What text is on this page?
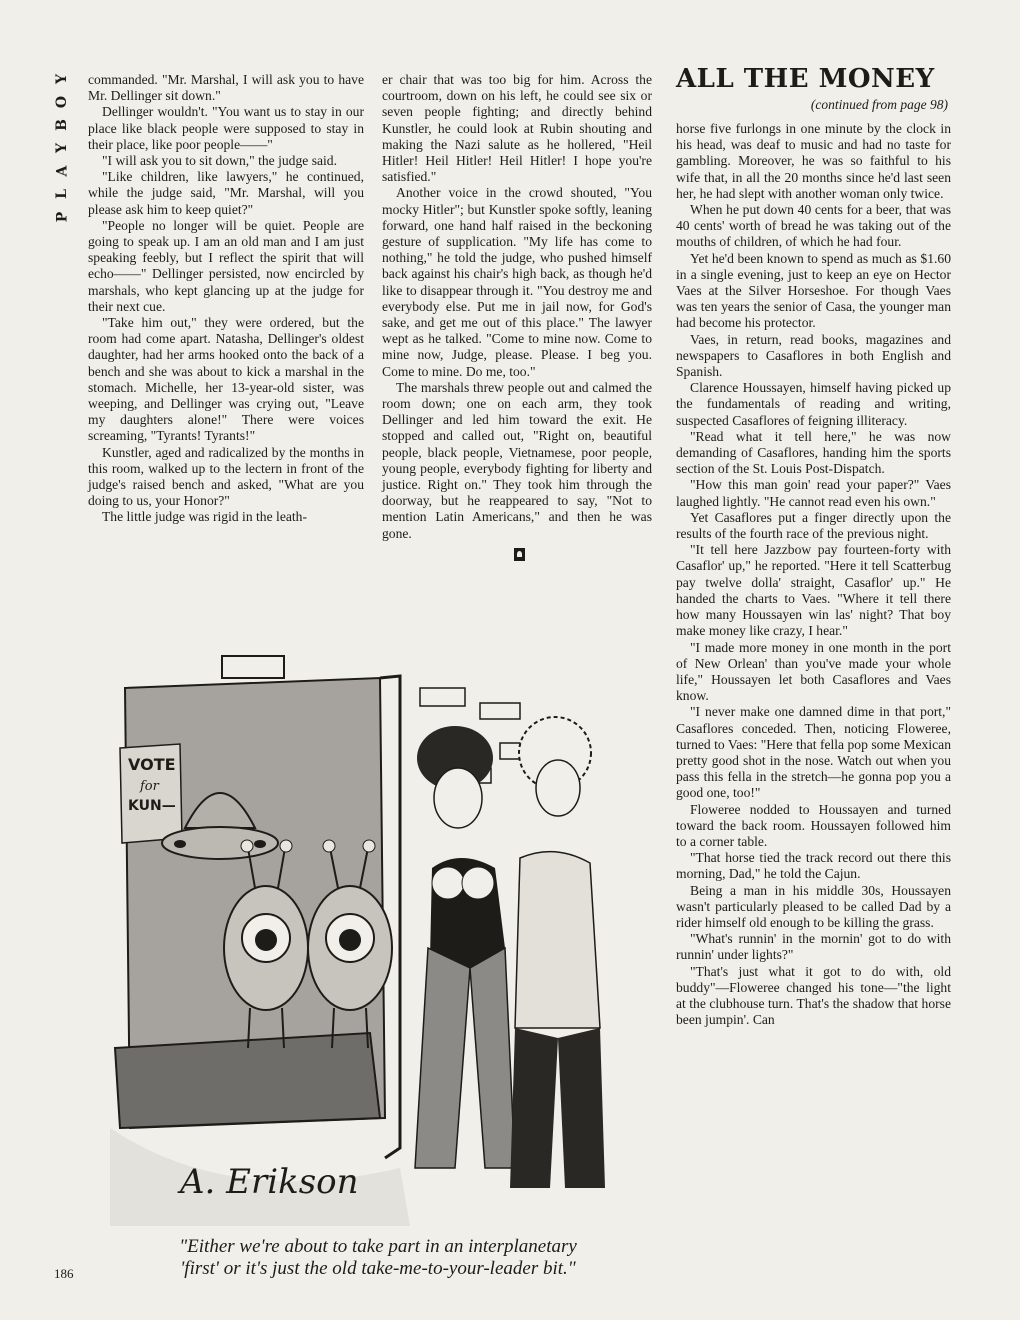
Y
O
B
Y
A
L
P

commanded. "Mr. Marshal, I will ask you to have Mr. Dellinger sit down."

Dellinger wouldn't. "You want us to stay in our place like black people were supposed to stay in their place, like poor people——"

"I will ask you to sit down," the judge said.

"Like children, like lawyers," he continued, while the judge said, "Mr. Marshal, will you please ask him to keep quiet?"

"People no longer will be quiet. People are going to speak up. I am an old man and I am just speaking feebly, but I reflect the spirit that will echo——" Dellinger persisted, now encircled by marshals, who kept glancing up at the judge for their next cue.

"Take him out," they were ordered, but the room had come apart. Natasha, Dellinger's oldest daughter, had her arms hooked onto the back of a bench and she was about to kick a marshal in the stomach. Michelle, her 13-year-old sister, was weeping, and Dellinger was crying out, "Leave my daughters alone!" There were voices screaming, "Tyrants! Tyrants!"

Kunstler, aged and radicalized by the months in this room, walked up to the lectern in front of the judge's raised bench and asked, "What are you doing to us, your Honor?"

The little judge was rigid in the leath-

er chair that was too big for him. Across the courtroom, down on his left, he could see six or seven people fighting; and directly behind Kunstler, he could look at Rubin shouting and making the Nazi salute as he hollered, "Heil Hitler! Heil Hitler! Heil Hitler! I hope you're satisfied."

Another voice in the crowd shouted, "You mocky Hitler"; but Kunstler spoke softly, leaning forward, one hand half raised in the beckoning gesture of supplication. "My life has come to nothing," he told the judge, who pushed himself back against his chair's high back, as though he'd like to disappear through it. "You destroy me and everybody else. Put me in jail now, for God's sake, and get me out of this place." The lawyer wept as he talked. "Come to mine now. Come to mine now, Judge, please. Please. I beg you. Come to mine. Do me, too."

The marshals threw people out and calmed the room down; one on each arm, they took Dellinger and led him toward the exit. He stopped and called out, "Right on, beautiful people, black people, Vietnamese, poor people, young people, everybody fighting for liberty and justice. Right on." They took him through the doorway, but he reappeared to say, "Not to mention Latin Americans," and then he was gone.

ALL THE MONEY
(continued from page 98)

horse five furlongs in one minute by the clock in his head, was deaf to music and had no taste for gambling. Moreover, he was so faithful to his wife that, in all the 20 months since he'd last seen her, he had slept with another woman only twice.

When he put down 40 cents for a beer, that was 40 cents' worth of bread he was taking out of the mouths of children, of which he had four.

Yet he'd been known to spend as much as $1.60 in a single evening, just to keep an eye on Hector Vaes at the Silver Horseshoe. For though Vaes was ten years the senior of Casa, the younger man had become his protector.

Vaes, in return, read books, magazines and newspapers to Casaflores in both English and Spanish.

Clarence Houssayen, himself having picked up the fundamentals of reading and writing, suspected Casaflores of feigning illiteracy.

"Read what it tell here," he was now demanding of Casaflores, handing him the sports section of the St. Louis Post-Dispatch.

"How this man goin' read your paper?" Vaes laughed lightly. "He cannot read even his own."

Yet Casaflores put a finger directly upon the results of the fourth race of the previous night.

"It tell here Jazzbow pay fourteen-forty with Casaflor' up," he reported. "Here it tell Scatterbug pay twelve dolla' straight, Casaflor' up." He handed the charts to Vaes. "Where it tell there how many Houssayen win las' night? That boy make money like crazy, I hear."

"I made more money in one month in the port of New Orlean' than you've made your whole life," Houssayen let both Casaflores and Vaes know.

"I never make one damned dime in that port," Casaflores conceded. Then, noticing Floweree, turned to Vaes: "Here that fella pop some Mexican pretty good shot in the nose. Watch out when you pass this fella in the stretch—he gonna pop you a good one, too!"

Floweree nodded to Houssayen and turned toward the back room. Houssayen followed him to a corner table.

"That horse tied the track record out there this morning, Dad," he told the Cajun.

Being a man in his middle 30s, Houssayen wasn't particularly pleased to be called Dad by a rider himself old enough to be killing the grass.

"What's runnin' in the mornin' got to do with runnin' under lights?"

"That's just what it got to do with, old buddy"—Floweree changed his tone—"the light at the clubhouse turn. That's the shadow that horse been jumpin'. Can

VOTE
for
KUN—
A. Erikson
"Either we're about to take part in an interplanetary
'first' or it's just the old take-me-to-your-leader bit."
186
